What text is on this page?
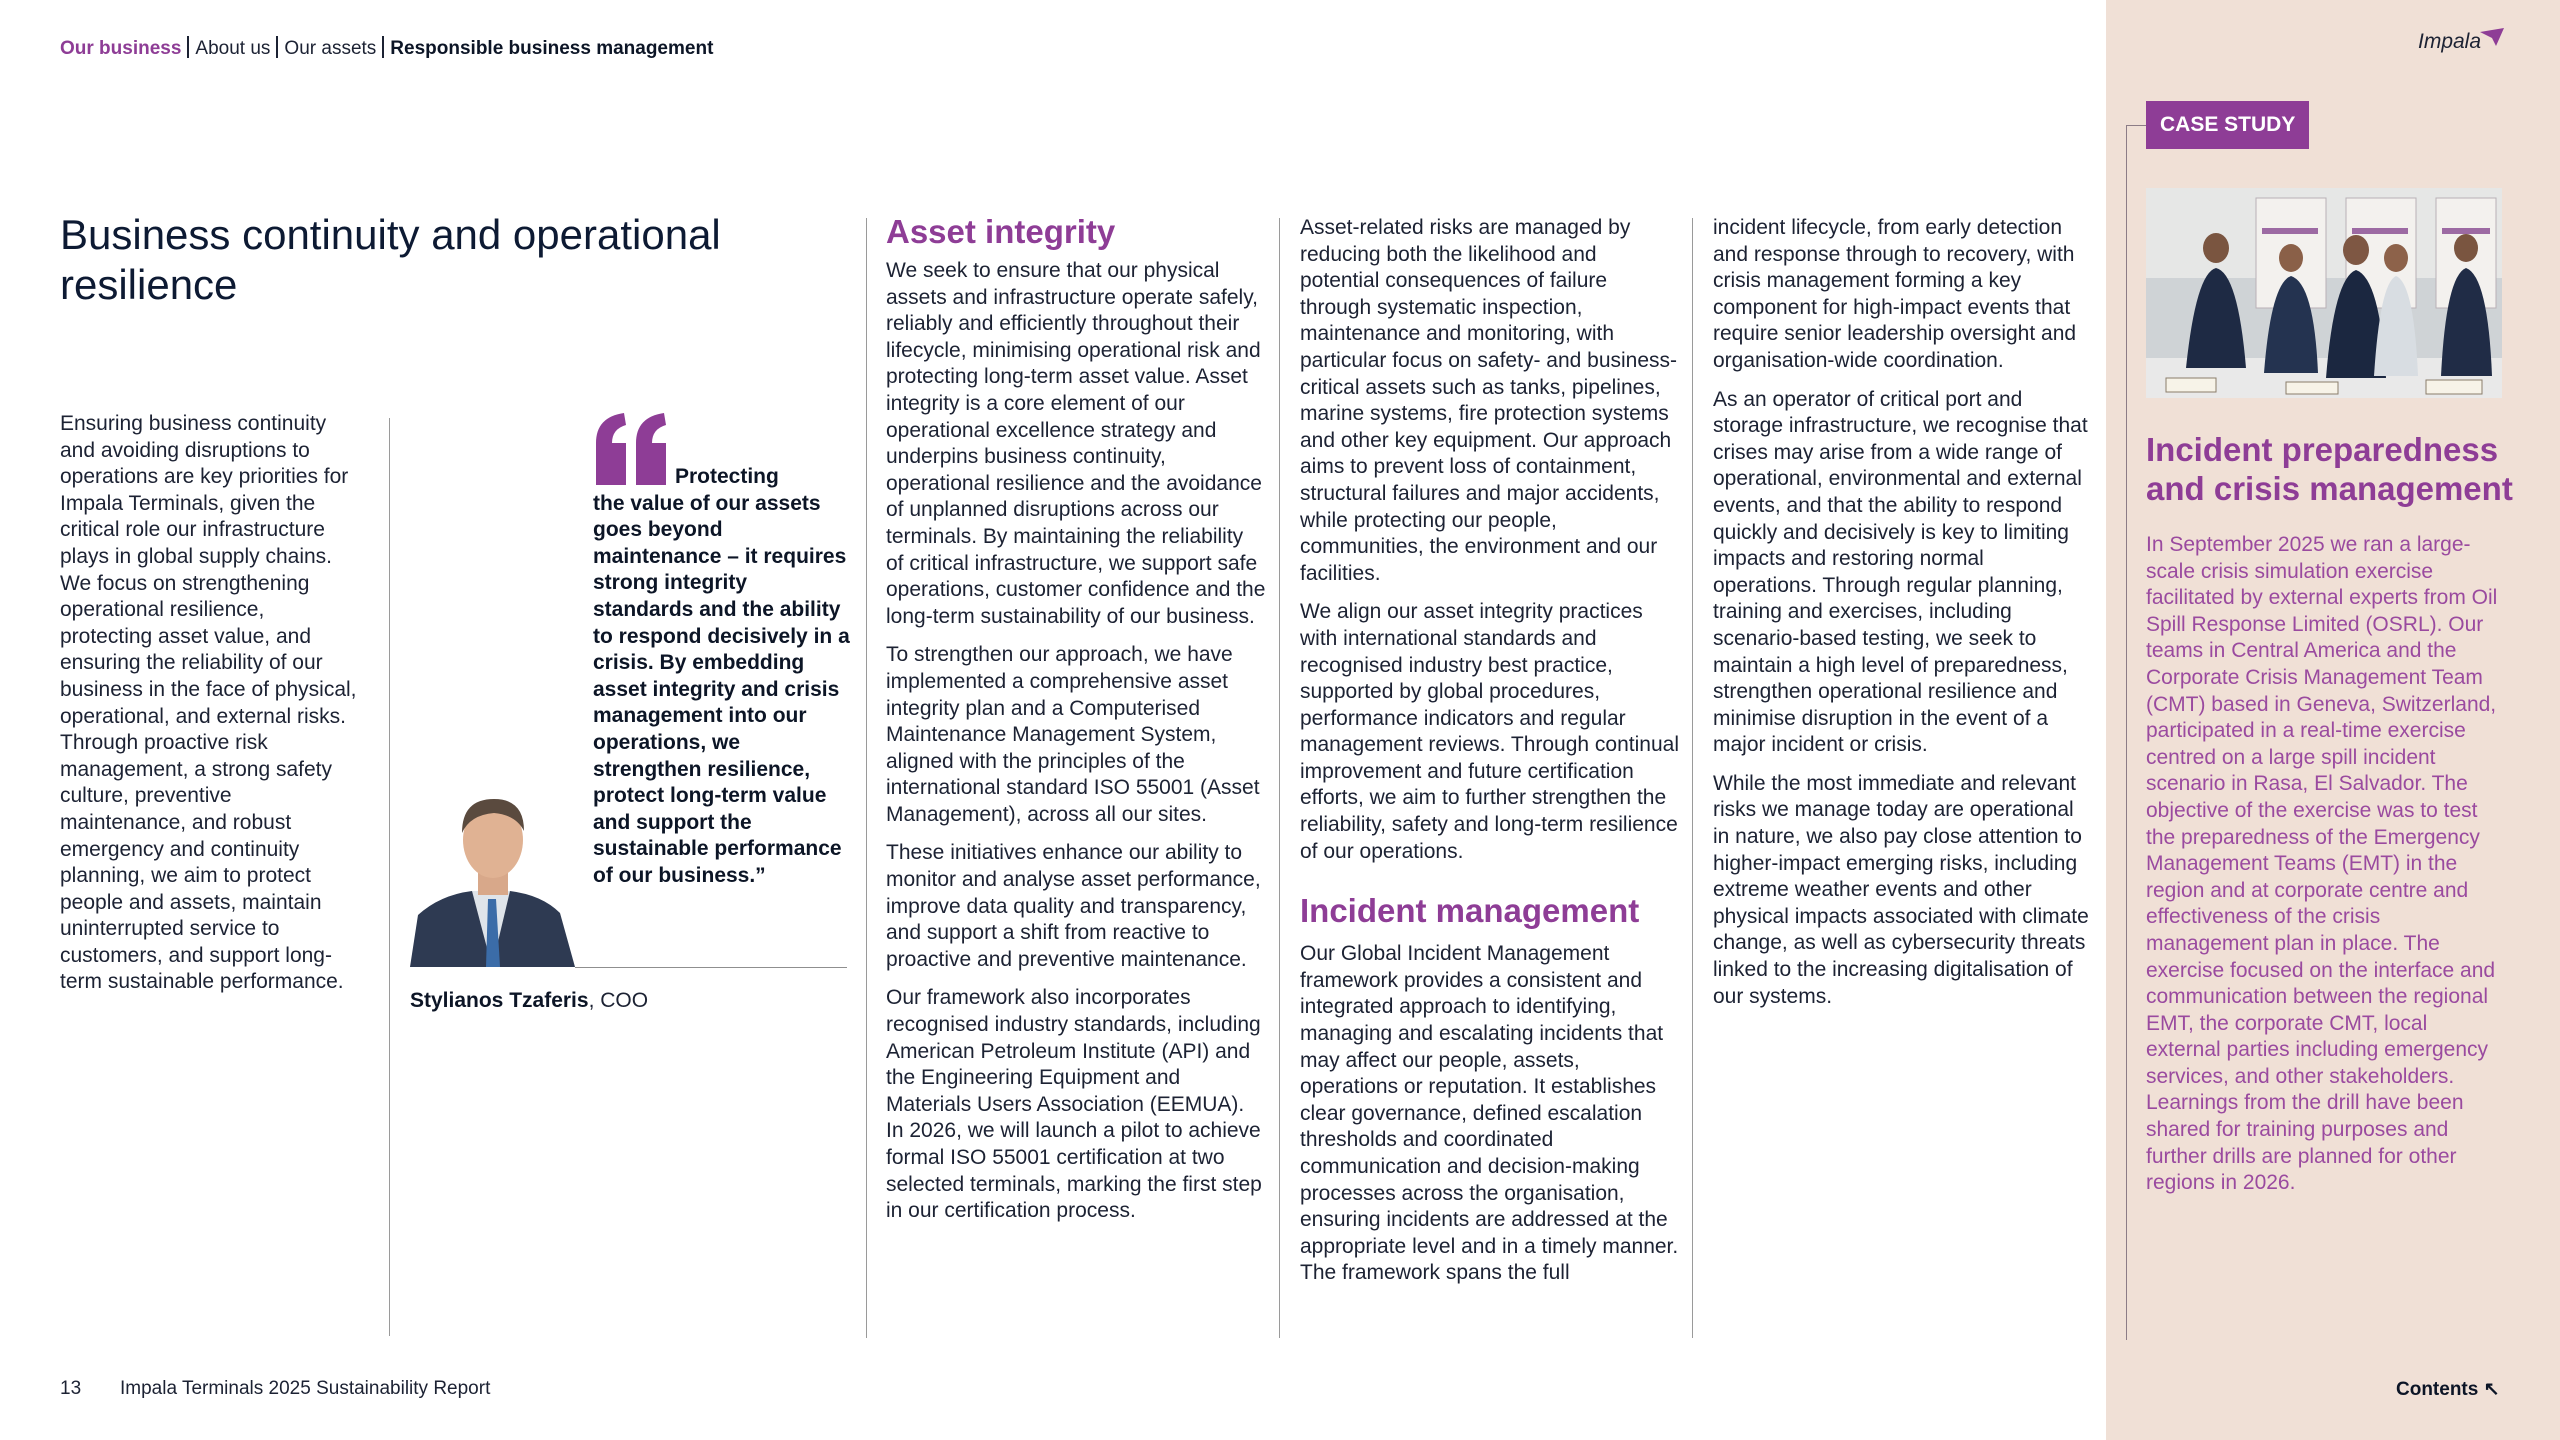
Our business About us Our assets Responsible business management
Business continuity and operational resilience
Ensuring business continuity and avoiding disruptions to operations are key priorities for Impala Terminals, given the critical role our infrastructure plays in global supply chains. We focus on strengthening operational resilience, protecting asset value, and ensuring the reliability of our business in the face of physical, operational, and external risks. Through proactive risk management, a strong safety culture, preventive maintenance, and robust emergency and continuity planning, we aim to protect people and assets, maintain uninterrupted service to customers, and support long-term sustainable performance.
Protecting
the value of our assets goes beyond maintenance – it requires strong integrity standards and the ability to respond decisively in a crisis. By embedding asset integrity and crisis management into our operations, we strengthen resilience, protect long-term value and support the sustainable performance of our business.”
Stylianos Tzaferis, COO
Asset integrity

We seek to ensure that our physical assets and infrastructure operate safely, reliably and efficiently throughout their lifecycle, minimising operational risk and protecting long-term asset value. Asset integrity is a core element of our operational excellence strategy and underpins business continuity, operational resilience and the avoidance of unplanned disruptions across our terminals. By maintaining the reliability of critical infrastructure, we support safe operations, customer confidence and the long-term sustainability of our business.

To strengthen our approach, we have implemented a comprehensive asset integrity plan and a Computerised Maintenance Management System, aligned with the principles of the international standard ISO 55001 (Asset Management), across all our sites.

These initiatives enhance our ability to monitor and analyse asset performance, improve data quality and transparency, and support a shift from reactive to proactive and preventive maintenance.

Our framework also incorporates recognised industry standards, including American Petroleum Institute (API) and the Engineering Equipment and Materials Users Association (EEMUA). In 2026, we will launch a pilot to achieve formal ISO 55001 certification at two selected terminals, marking the first step in our certification process.

Asset-related risks are managed by reducing both the likelihood and potential consequences of failure through systematic inspection, maintenance and monitoring, with particular focus on safety- and business-critical assets such as tanks, pipelines, marine systems, fire protection systems and other key equipment. Our approach aims to prevent loss of containment, structural failures and major accidents, while protecting our people, communities, the environment and our facilities.

We align our asset integrity practices with international standards and recognised industry best practice, supported by global procedures, performance indicators and regular management reviews. Through continual improvement and future certification efforts, we aim to further strengthen the reliability, safety and long-term resilience of our operations.

Incident management

Our Global Incident Management framework provides a consistent and integrated approach to identifying, managing and escalating incidents that may affect our people, assets, operations or reputation. It establishes clear governance, defined escalation thresholds and coordinated communication and decision-making processes across the organisation, ensuring incidents are addressed at the appropriate level and in a timely manner. The framework spans the full

incident lifecycle, from early detection and response through to recovery, with crisis management forming a key component for high-impact events that require senior leadership oversight and organisation-wide coordination.

As an operator of critical port and storage infrastructure, we recognise that crises may arise from a wide range of operational, environmental and external events, and that the ability to respond quickly and decisively is key to limiting impacts and restoring normal operations. Through regular planning, training and exercises, including scenario-based testing, we seek to maintain a high level of preparedness, strengthen operational resilience and minimise disruption in the event of a major incident or crisis.

While the most immediate and relevant risks we manage today are operational in nature, we also pay close attention to higher-impact emerging risks, including extreme weather events and other physical impacts associated with climate change, as well as cybersecurity threats linked to the increasing digitalisation of our systems.

Impala
CASE STUDY
Incident preparedness and crisis management
In September 2025 we ran a large-scale crisis simulation exercise facilitated by external experts from Oil Spill Response Limited (OSRL). Our teams in Central America and the Corporate Crisis Management Team (CMT) based in Geneva, Switzerland, participated in a real-time exercise centred on a large spill incident scenario in Rasa, El Salvador. The objective of the exercise was to test the preparedness of the Emergency Management Teams (EMT) in the region and at corporate centre and effectiveness of the crisis management plan in place. The exercise focused on the interface and communication between the regional EMT, the corporate CMT, local external parties including emergency services, and other stakeholders. Learnings from the drill have been shared for training purposes and further drills are planned for other regions in 2026.
13 Impala Terminals 2025 Sustainability Report	Contents ↖
